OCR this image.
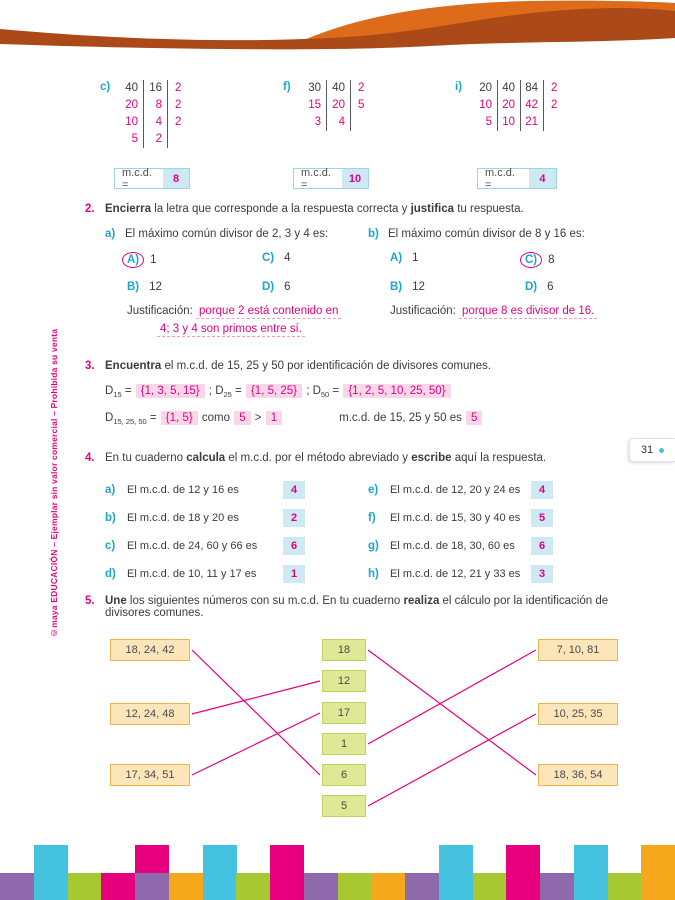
©maya EDUCACIÓN – Ejemplar sin valor comercial – Prohibida su venta	31
c)	40 16	2
20	8	2
10	4	2
5	2
m.c.d. =	8
f)	30 40	2
15 20	5
3	4
m.c.d. =	10
i)	20 40 84	2
10 20 42	2
5 10 21
m.c.d. =	4
2. Encierra la letra que corresponde a la respuesta correcta y justifica tu respuesta.
a) El máximo común divisor de 2, 3 y 4 es:
A) 1	C) 4
B) 12	D) 6
Justificación: porque 2 está contenido en
4; 3 y 4 son primos entre sí.
b) El máximo común divisor de 8 y 16 es:
A) 1	C) 8
B) 12	D) 6
Justificación: porque 8 es divisor de 16.
3. Encuentra el m.c.d. de 15, 25 y 50 por identificación de divisores comunes.
$D_{15} = \{1$, 3, 5, 15} ; $D_{25} = \{1$, 5, 25} ; $D_{50} = \{1$, 2, 5, 10, 25, 50}
$D_{15, 25, 50} = \{1$, 5} como 5 > 1	m.c.d. de 15, 25 y 50 es 5
4. En tu cuaderno calcula el m.c.d. por el método abreviado y escribe aquí la respuesta.
a)	El m.c.d. de 12 y 16 es	4
b)	El m.c.d. de 18 y 20 es	2
c)	El m.c.d. de 24, 60 y 66 es	6
d)	El m.c.d. de 10, 11 y 17 es	1
e)	El m.c.d. de 12, 20 y 24 es	4
f)	El m.c.d. de 15, 30 y 40 es	5
g)	El m.c.d. de 18, 30, 60 es	6
h)	El m.c.d. de 12, 21 y 33 es	3
5. Une los siguientes números con su m.c.d. En tu cuaderno realiza el cálculo por la identificación de divisores comunes.
18, 24, 42
12, 24, 48
17, 34, 51
18
12
17
1
6
5
7, 10, 81
10, 25, 35
18, 36, 54
